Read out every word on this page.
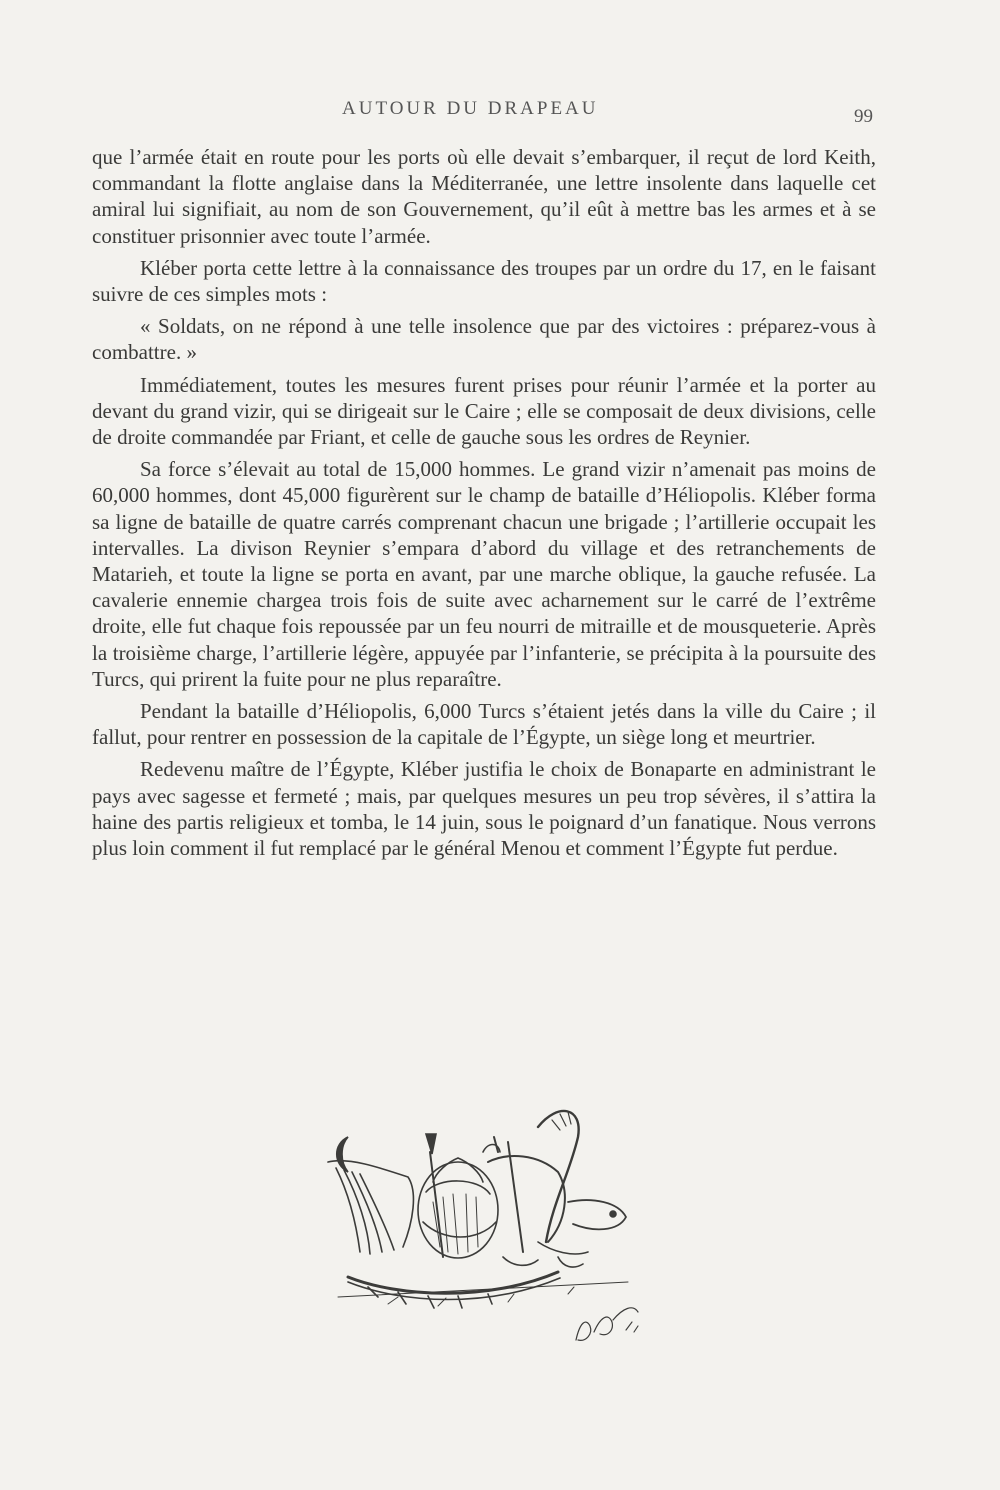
AUTOUR DU DRAPEAU	99

que l’armée était en route pour les ports où elle devait s’embarquer, il reçut de lord Keith, commandant la flotte anglaise dans la Méditerranée, une lettre insolente dans laquelle cet amiral lui signifiait, au nom de son Gouvernement, qu’il eût à mettre bas les armes et à se constituer prisonnier avec toute l’armée.

Kléber porta cette lettre à la connaissance des troupes par un ordre du 17, en le faisant suivre de ces simples mots :

« Soldats, on ne répond à une telle insolence que par des victoires : préparez-vous à combattre. »

Immédiatement, toutes les mesures furent prises pour réunir l’armée et la porter au devant du grand vizir, qui se dirigeait sur le Caire ; elle se composait de deux divisions, celle de droite commandée par Friant, et celle de gauche sous les ordres de Reynier.

Sa force s’élevait au total de 15,000 hommes. Le grand vizir n’amenait pas moins de 60,000 hommes, dont 45,000 figurèrent sur le champ de bataille d’Héliopolis. Kléber forma sa ligne de bataille de quatre carrés comprenant chacun une brigade ; l’artillerie occupait les intervalles. La divison Reynier s’empara d’abord du village et des retranchements de Matarieh, et toute la ligne se porta en avant, par une marche oblique, la gauche refusée. La cavalerie ennemie chargea trois fois de suite avec acharnement sur le carré de l’extrême droite, elle fut chaque fois repoussée par un feu nourri de mitraille et de mousqueterie. Après la troisième charge, l’artillerie légère, appuyée par l’infanterie, se précipita à la poursuite des Turcs, qui prirent la fuite pour ne plus reparaître.

Pendant la bataille d’Héliopolis, 6,000 Turcs s’étaient jetés dans la ville du Caire ; il fallut, pour rentrer en possession de la capitale de l’Égypte, un siège long et meurtrier.

Redevenu maître de l’Égypte, Kléber justifia le choix de Bonaparte en administrant le pays avec sagesse et fermeté ; mais, par quelques mesures un peu trop sévères, il s’attira la haine des partis religieux et tomba, le 14 juin, sous le poignard d’un fanatique. Nous verrons plus loin comment il fut remplacé par le général Menou et comment l’Égypte fut perdue.
